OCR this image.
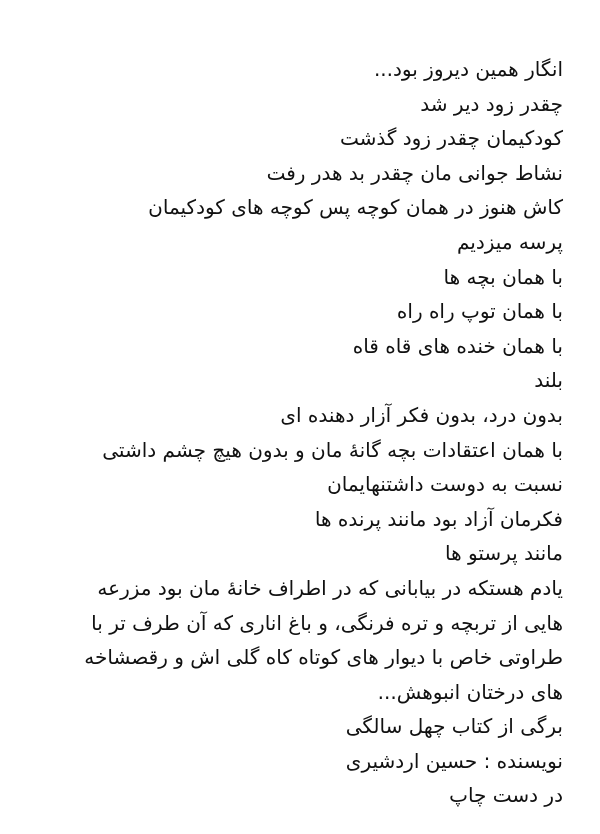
انگار همین دیروز بود...
چقدر زود دیر شد
کودکیمان چقدر زود گذشت
نشاط جوانی مان چقدر بد هدر رفت
کاش هنوز در همان کوچه پس کوچه های کودکیمان
پرسه میزدیم
با همان بچه ها
با همان توپ راه راه
با همان خنده های قاه قاه
بلند
بدون درد، بدون فکر آزار دهنده ای
با همان اعتقادات بچه گانهٔ مان و بدون هیچ چشم داشتی
نسبت به دوست داشتنهایمان
فکرمان آزاد بود مانند پرنده ها
مانند پرستو ها
یادم هستکه در بیابانی که در اطراف خانهٔ مان بود مزرعه
هایی از تربچه و تره فرنگی، و باغ اناری که آن طرف تر با
طراوتی خاص با دیوار های کوتاه کاه گلی اش و رقصشاخه
های درختان انبوهش...
برگی از کتاب چهل سالگی
نویسنده : حسین اردشیری
در دست چاپ
